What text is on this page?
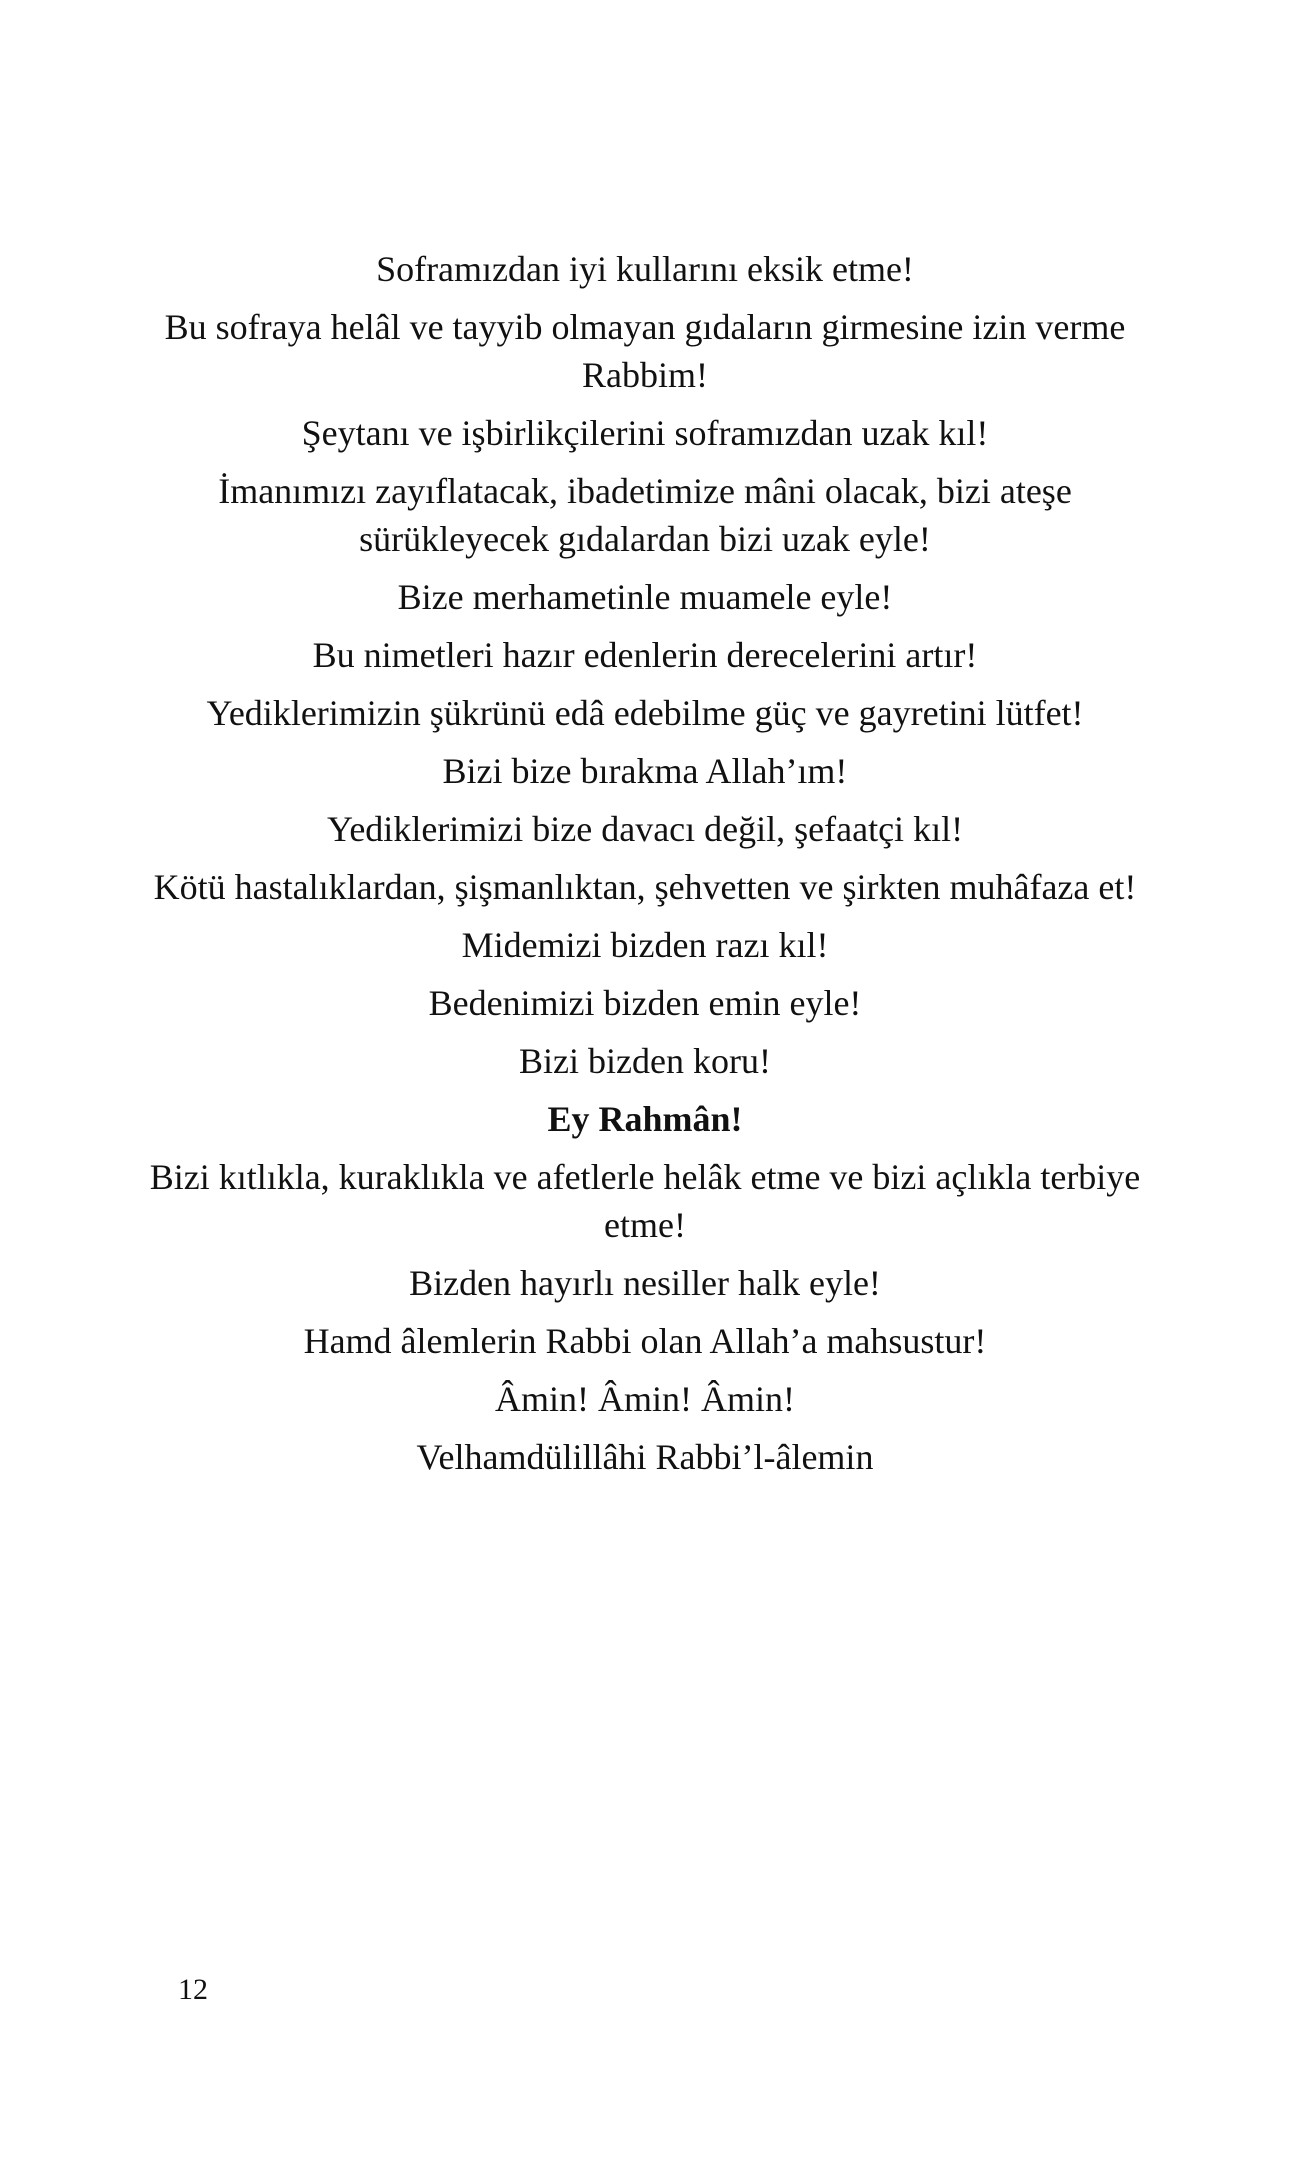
Soframızdan iyi kullarını eksik etme!

Bu sofraya helâl ve tayyib olmayan gıdaların girmesine izin verme Rabbim!

Şeytanı ve işbirlikçilerini soframızdan uzak kıl!

İmanımızı zayıflatacak, ibadetimize mâni olacak, bizi ateşe sürükleyecek gıdalardan bizi uzak eyle!

Bize merhametinle muamele eyle!

Bu nimetleri hazır edenlerin derecelerini artır!

Yediklerimizin şükrünü edâ edebilme güç ve gayretini lütfet!

Bizi bize bırakma Allah’ım!

Yediklerimizi bize davacı değil, şefaatçi kıl!

Kötü hastalıklardan, şişmanlıktan, şehvetten ve şirkten muhâfaza et!

Midemizi bizden razı kıl!

Bedenimizi bizden emin eyle!

Bizi bizden koru!

Ey Rahmân!

Bizi kıtlıkla, kuraklıkla ve afetlerle helâk etme ve bizi açlıkla terbiye etme!

Bizden hayırlı nesiller halk eyle!

Hamd âlemlerin Rabbi olan Allah’a mahsustur!

Âmin! Âmin! Âmin!

Velhamdülillâhi Rabbi’l-âlemin

12
